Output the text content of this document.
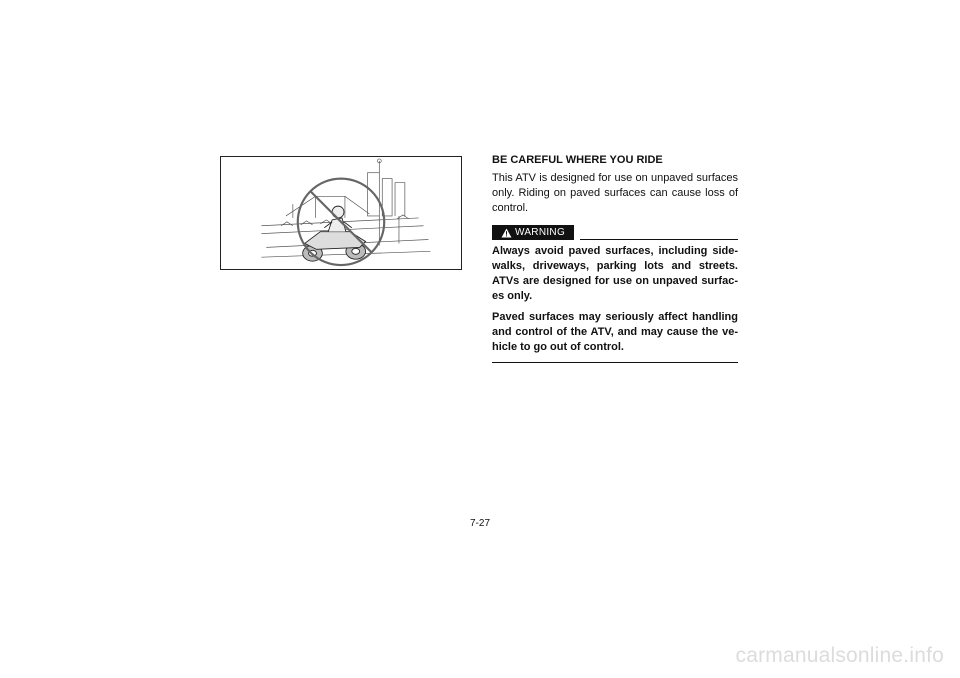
BE CAREFUL WHERE YOU RIDE

This ATV is designed for use on unpaved surfaces only. Riding on paved surfaces can cause loss of control.

WARNING

Always avoid paved surfaces, including side-walks, driveways, parking lots and streets. ATVs are designed for use on unpaved surfac-es only.

Paved surfaces may seriously affect handling and control of the ATV, and may cause the ve-hicle to go out of control.

7-27
carmanualsonline.info
